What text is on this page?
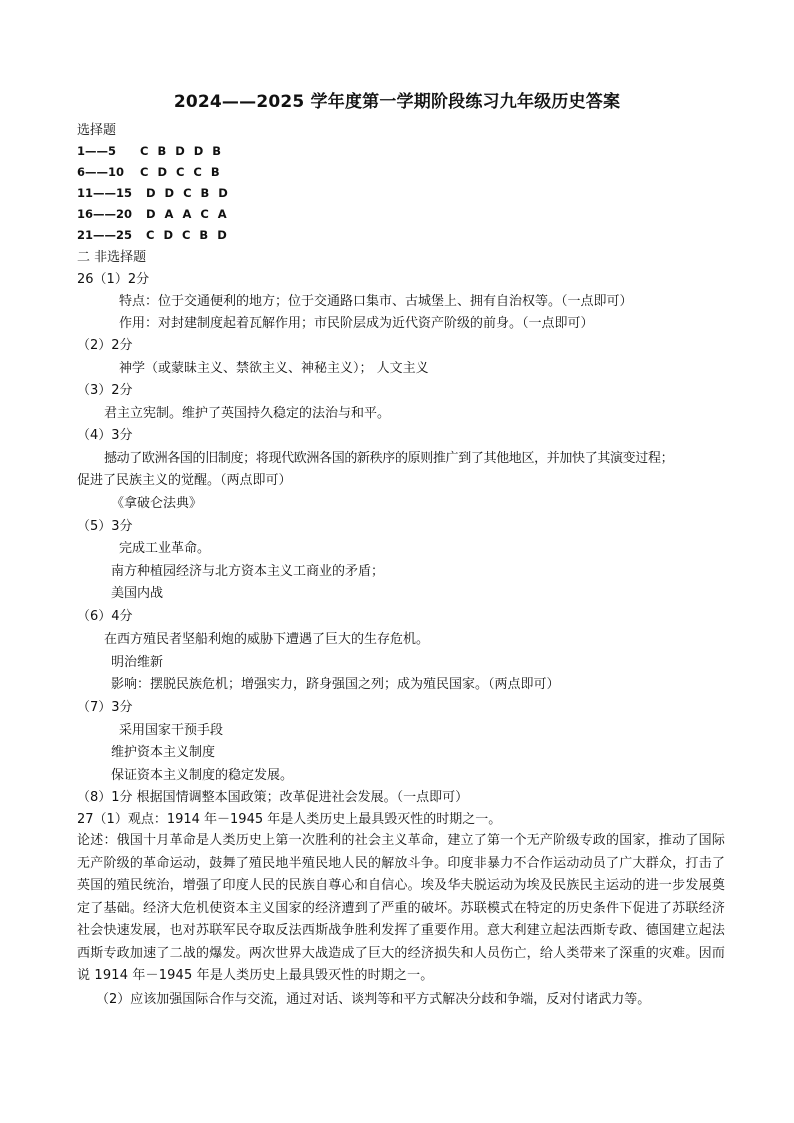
2024——2025 学年度第一学期阶段练习九年级历史答案
选择题
1——5 C B D D B
6——10 C D C C B
11——15 D D C B D
16——20 D A A C A
21——25 C D C B D
二 非选择题
26（1）2分
特点：位于交通便利的地方；位于交通路口集市、古城堡上、拥有自治权等。（一点即可）
作用：对封建制度起着瓦解作用；市民阶层成为近代资产阶级的前身。（一点即可）
（2）2分
神学（或蒙昧主义、禁欲主义、神秘主义）； 人文主义
（3）2分
君主立宪制。维护了英国持久稳定的法治与和平。
（4）3分
撼动了欧洲各国的旧制度；将现代欧洲各国的新秩序的原则推广到了其他地区，并加快了其演变过程；
促进了民族主义的觉醒。（两点即可）
《拿破仑法典》
（5）3分
完成工业革命。
南方种植园经济与北方资本主义工商业的矛盾；
美国内战
（6）4分
在西方殖民者坚船利炮的威胁下遭遇了巨大的生存危机。
明治维新
影响：摆脱民族危机；增强实力，跻身强国之列；成为殖民国家。（两点即可）
（7）3分
采用国家干预手段
维护资本主义制度
保证资本主义制度的稳定发展。
（8）1分 根据国情调整本国政策；改革促进社会发展。（一点即可）
27（1）观点：1914 年－1945 年是人类历史上最具毁灭性的时期之一。
论述：俄国十月革命是人类历史上第一次胜利的社会主义革命，建立了第一个无产阶级专政的国家，推动了国际无产阶级的革命运动，鼓舞了殖民地半殖民地人民的解放斗争。印度非暴力不合作运动动员了广大群众，打击了英国的殖民统治，增强了印度人民的民族自尊心和自信心。埃及华夫脱运动为埃及民族民主运动的进一步发展奠定了基础。经济大危机使资本主义国家的经济遭到了严重的破坏。苏联模式在特定的历史条件下促进了苏联经济社会快速发展，也对苏联军民夺取反法西斯战争胜利发挥了重要作用。意大利建立起法西斯专政、德国建立起法西斯专政加速了二战的爆发。两次世界大战造成了巨大的经济损失和人员伤亡，给人类带来了深重的灾难。因而说 1914 年－1945 年是人类历史上最具毁灭性的时期之一。
（2）应该加强国际合作与交流，通过对话、谈判等和平方式解决分歧和争端，反对付诸武力等。
